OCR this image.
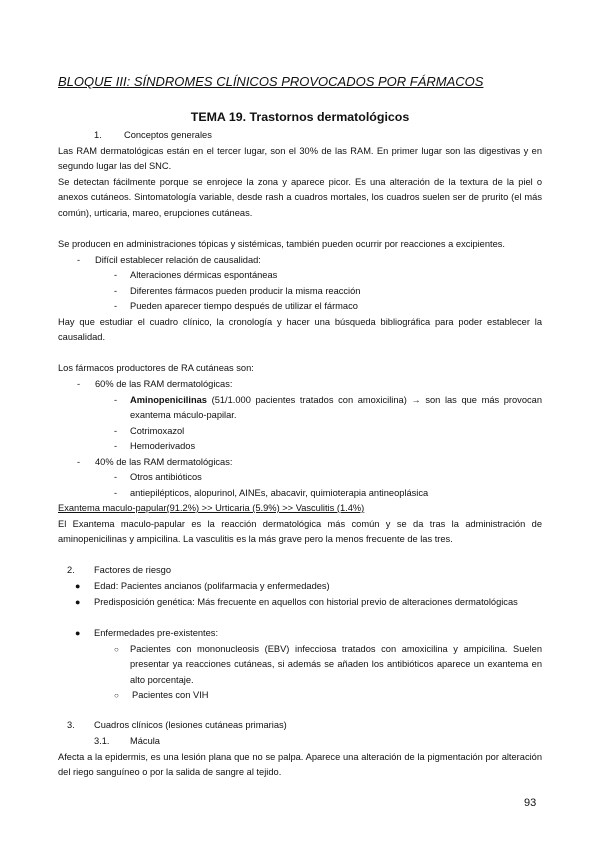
BLOQUE III: SÍNDROMES CLÍNICOS PROVOCADOS POR FÁRMACOS
TEMA 19. Trastornos dermatológicos
1. Conceptos generales
Las RAM dermatológicas están en el tercer lugar, son el 30% de las RAM. En primer lugar son las digestivas y en segundo lugar las del SNC.
Se detectan fácilmente porque se enrojece la zona y aparece picor. Es una alteración de la textura de la piel o anexos cutáneos. Sintomatología variable, desde rash a cuadros mortales, los cuadros suelen ser de prurito (el más común), urticaria, mareo, erupciones cutáneas.
Se producen en administraciones tópicas y sistémicas, también pueden ocurrir por reacciones a excipientes.
- Difícil establecer relación de causalidad:
- Alteraciones dérmicas espontáneas
- Diferentes fármacos pueden producir la misma reacción
- Pueden aparecer tiempo después de utilizar el fármaco
Hay que estudiar el cuadro clínico, la cronología y hacer una búsqueda bibliográfica para poder establecer la causalidad.
Los fármacos productores de RA cutáneas son:
- 60% de las RAM dermatológicas:
- Aminopenicilinas (51/1.000 pacientes tratados con amoxicilina) → son las que más provocan exantema máculo-papilar.
- Cotrimoxazol
- Hemoderivados
- 40% de las RAM dermatológicas:
- Otros antibióticos
- antiepilépticos, alopurinol, AINEs, abacavir, quimioterapia antineoplásica
Exantema maculo-papular(91.2%) >> Urticaria (5.9%) >> Vasculitis (1.4%)
El Exantema maculo-papular es la reacción dermatológica más común y se da tras la administración de aminopenicilinas y ampicilina. La vasculitis es la más grave pero la menos frecuente de las tres.
2. Factores de riesgo
● Edad: Pacientes ancianos (polifarmacia y enfermedades)
● Predisposición genética: Más frecuente en aquellos con historial previo de alteraciones dermatológicas
● Enfermedades pre-existentes:
○ Pacientes con mononucleosis (EBV) infecciosa tratados con amoxicilina y ampicilina. Suelen presentar ya reacciones cutáneas, si además se añaden los antibióticos aparece un exantema en alto porcentaje.
○ Pacientes con VIH
3. Cuadros clínicos (lesiones cutáneas primarias)
3.1. Mácula
Afecta a la epidermis, es una lesión plana que no se palpa. Aparece una alteración de la pigmentación por alteración del riego sanguíneo o por la salida de sangre al tejido.
93
